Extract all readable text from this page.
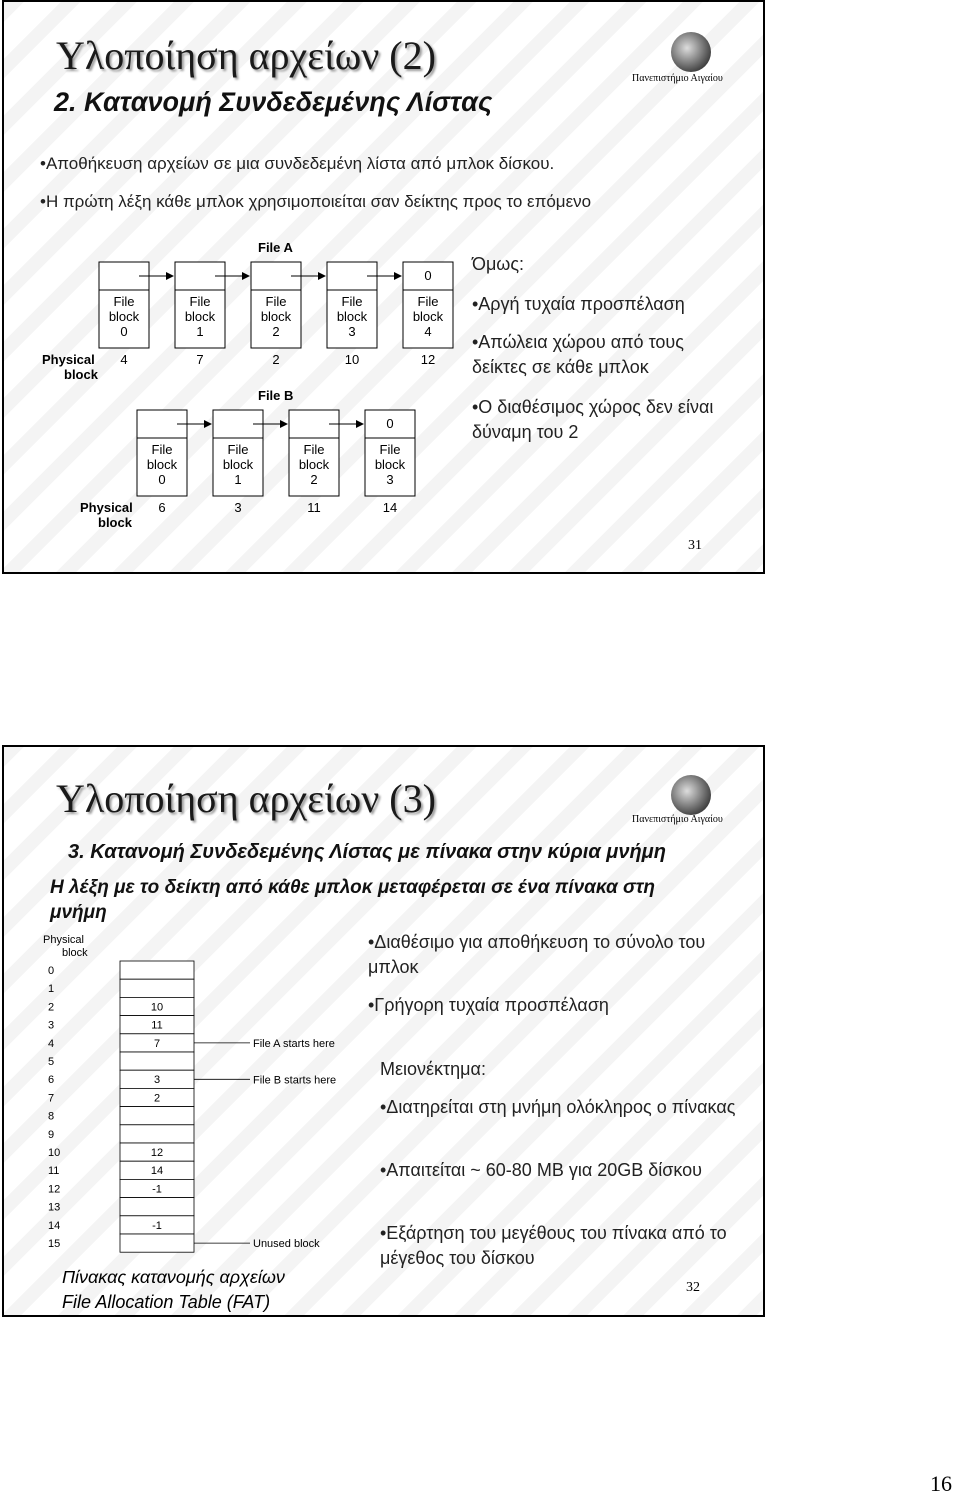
Υλοποίηση αρχείων (2)
Πανεπιστήμιο Αιγαίου
2. Κατανομή Συνδεδεμένης Λίστας
•Αποθήκευση αρχείων σε μια συνδεδεμένη λίστα από μπλοκ δίσκου.
•Η πρώτη λέξη κάθε μπλοκ χρησιμοποιείται σαν δείκτης προς το επόμενο
File A
File
block
0
File
block
1
File
block
2
File
block
3
0
File
block
4
Physical
block
4	7	2	10	12
File B
File
block
0
File
block
1
File
block
2
0
File
block
3
Physical
block
6	3	11	14
Όμως:
•Αργή τυχαία προσπέλαση
•Απώλεια χώρου από τους δείκτες σε κάθε μπλοκ
•Ο διαθέσιμος χώρος δεν είναι δύναμη του 2
31
Υλοποίηση αρχείων (3)	Πανεπιστήμιο Αιγαίου
3. Κατανομή Συνδεδεμένης Λίστας με πίνακα στην κύρια μνήμη
Η λέξη με το δείκτη από κάθε μπλοκ μεταφέρεται σε ένα πίνακα στη μνήμη
Physical
block
0
1
2	10
3	11
4	7
5
6	3
7	2
8
9
10	12
11	14
12	-1
13
14	-1
15
File A starts here
File B starts here
Unused block
•Διαθέσιμο για αποθήκευση το σύνολο του μπλοκ
•Γρήγορη τυχαία προσπέλαση
Μειονέκτημα:
•Διατηρείται στη μνήμη ολόκληρος ο πίνακας
•Απαιτείται ~ 60-80 MB για 20GB δίσκου
•Εξάρτηση του μεγέθους του πίνακα από το μέγεθος του δίσκου
Πίνακας κατανομής αρχείων
File Allocation Table (FAT)
32
16
